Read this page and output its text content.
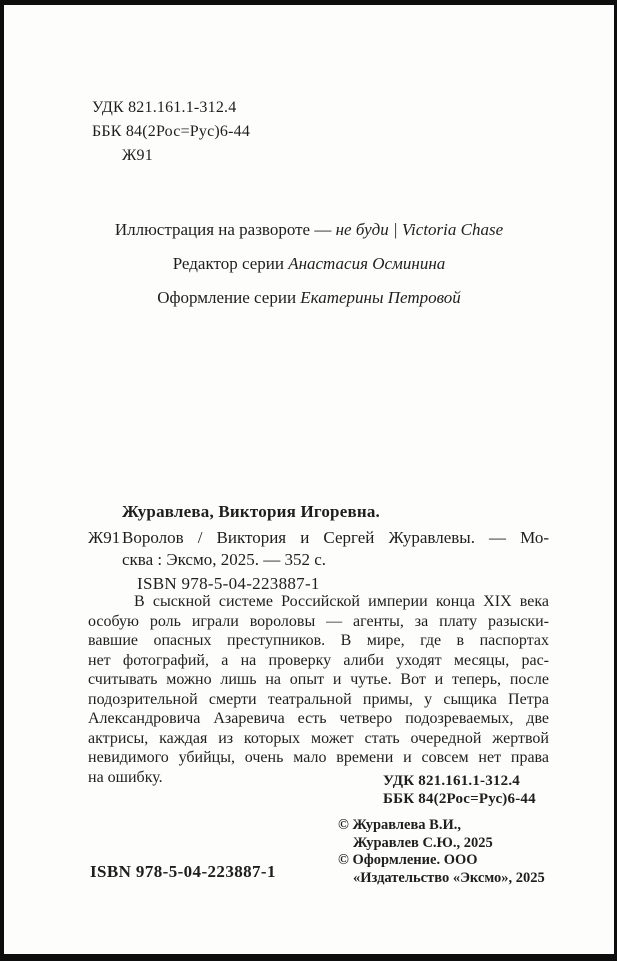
УДК 821.161.1-312.4
ББК 84(2Рос=Рус)6-44
Ж91
Иллюстрация на развороте — не буди | Victoria Chase
Редактор серии Анастасия Осминина
Оформление серии Екатерины Петровой
Журавлева, Виктория Игоревна.
Ж91 Воролов / Виктория и Сергей Журавлевы. — Мо-
сква : Эксмо, 2025. — 352 с.
ISBN 978-5-04-223887-1
В сыскной системе Российской империи конца XIX века
особую роль играли вороловы — агенты, за плату разыски-
вавшие опасных преступников. В мире, где в паспортах
нет фотографий, а на проверку алиби уходят месяцы, рас-
считывать можно лишь на опыт и чутье. Вот и теперь, после
подозрительной смерти театральной примы, у сыщика Петра
Александровича Азаревича есть четверо подозреваемых, две
актрисы, каждая из которых может стать очередной жертвой
невидимого убийцы, очень мало времени и совсем нет права
на ошибку.	УДК 821.161.1-312.4
ББК 84(2Рос=Рус)6-44
© Журавлева В.И.,
Журавлев С.Ю., 2025
© Оформление. ООО
«Издательство «Эксмо», 2025
ISBN 978-5-04-223887-1
